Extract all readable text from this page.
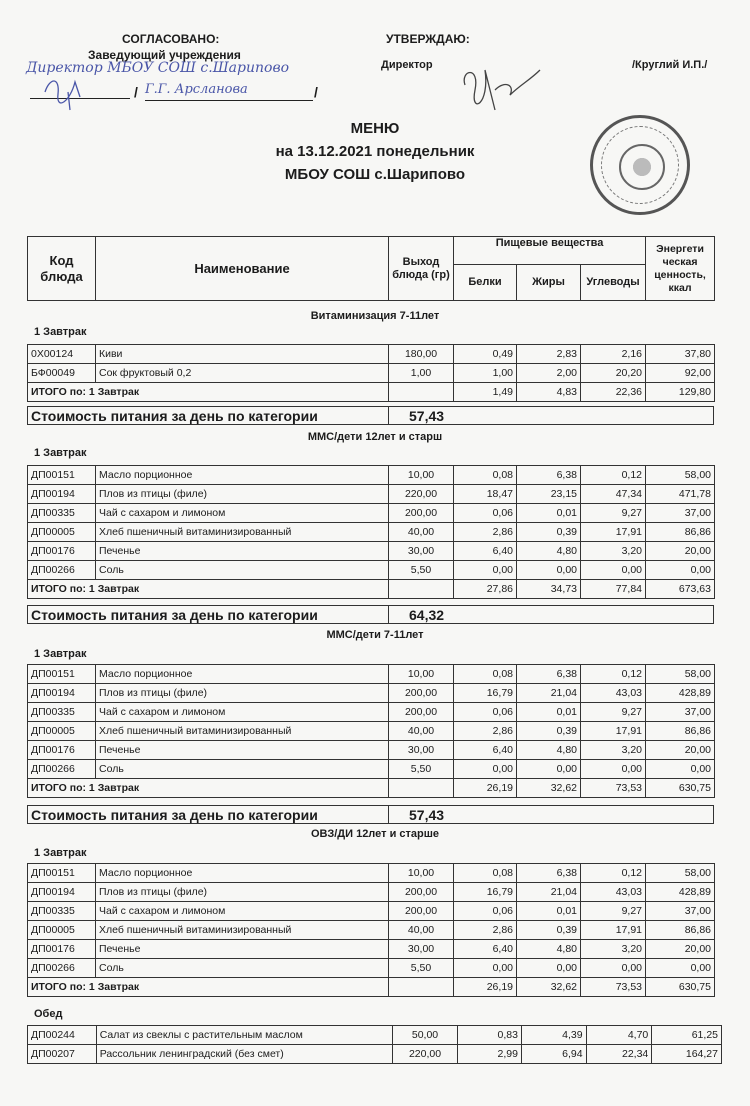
СОГЛАСОВАНО:
Заведующий учреждения
Директор МБОУ СОШ с.Шарипово
/ Г.Г. Арсланова	/
УТВЕРЖДАЮ:
Директор	/Круглий И.П./
МЕНЮ
на 13.12.2021 понедельник
МБОУ СОШ с.Шарипово
Код блюда	Наименование	Выход блюда (гр)	Пищевые вещества			Энергети ческая ценность, ккал
			Белки	Жиры	Углеводы	
Витаминизация 7-11лет
1 Завтрак
0X00124	Киви	180,00	0,49	2,83	2,16	37,80
БФ00049	Сок фруктовый 0,2	1,00	1,00	2,00	20,20	92,00
ИТОГО по: 1 Завтрак			1,49	4,83	22,36	129,80
Стоимость питания за день по категории	57,43
ММС/дети 12лет и старш
1 Завтрак
ДП00151	Масло порционное	10,00	0,08	6,38	0,12	58,00
ДП00194	Плов из птицы (филе)	220,00	18,47	23,15	47,34	471,78
ДП00335	Чай с сахаром и лимоном	200,00	0,06	0,01	9,27	37,00
ДП00005	Хлеб пшеничный витаминизированный	40,00	2,86	0,39	17,91	86,86
ДП00176	Печенье	30,00	6,40	4,80	3,20	20,00
ДП00266	Соль	5,50	0,00	0,00	0,00	0,00
ИТОГО по: 1 Завтрак			27,86	34,73	77,84	673,63
Стоимость питания за день по категории	64,32
ММС/дети 7-11лет
1 Завтрак
ДП00151	Масло порционное	10,00	0,08	6,38	0,12	58,00
ДП00194	Плов из птицы (филе)	200,00	16,79	21,04	43,03	428,89
ДП00335	Чай с сахаром и лимоном	200,00	0,06	0,01	9,27	37,00
ДП00005	Хлеб пшеничный витаминизированный	40,00	2,86	0,39	17,91	86,86
ДП00176	Печенье	30,00	6,40	4,80	3,20	20,00
ДП00266	Соль	5,50	0,00	0,00	0,00	0,00
ИТОГО по: 1 Завтрак			26,19	32,62	73,53	630,75
Стоимость питания за день по категории	57,43
ОВЗ/ДИ 12лет и старше
1 Завтрак
ДП00151	Масло порционное	10,00	0,08	6,38	0,12	58,00
ДП00194	Плов из птицы (филе)	200,00	16,79	21,04	43,03	428,89
ДП00335	Чай с сахаром и лимоном	200,00	0,06	0,01	9,27	37,00
ДП00005	Хлеб пшеничный витаминизированный	40,00	2,86	0,39	17,91	86,86
ДП00176	Печенье	30,00	6,40	4,80	3,20	20,00
ДП00266	Соль	5,50	0,00	0,00	0,00	0,00
ИТОГО по: 1 Завтрак			26,19	32,62	73,53	630,75
Обед
ДП00244	Салат из свеклы с растительным маслом	50,00	0,83	4,39	4,70	61,25
ДП00207	Рассольник ленинградский (без смет)	220,00	2,99	6,94	22,34	164,27
